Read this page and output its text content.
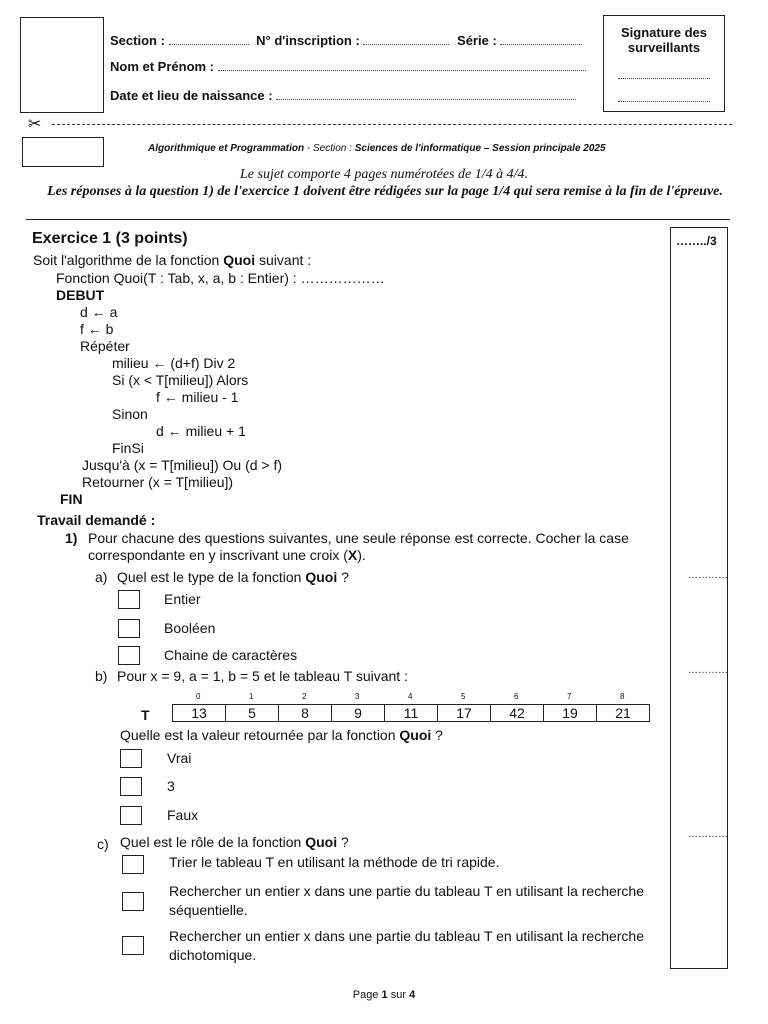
Section :	N° d'inscription :	Série :
Nom et Prénom :
Date et lieu de naissance :
Signature des surveillants
✂
Algorithmique et Programmation - Section : Sciences de l'informatique – Session principale 2025
Le sujet comporte 4 pages numérotées de 1/4 à 4/4.
Les réponses à la question 1) de l'exercice 1 doivent être rédigées sur la page 1/4 qui sera remise à la fin de l'épreuve.
……../3
…………
…………
…………
Exercice 1 (3 points)
Soit l'algorithme de la fonction Quoi suivant :
Fonction Quoi(T : Tab, x, a, b : Entier) : ………………
DEBUT
d ← a
f ← b
Répéter
milieu ← (d+f) Div 2
Si (x < T[milieu]) Alors
f ← milieu - 1
Sinon
d ← milieu + 1
FinSi
Jusqu'à (x = T[milieu]) Ou (d > f)
Retourner (x = T[milieu])
FIN
Travail demandé :
1) Pour chacune des questions suivantes, une seule réponse est correcte. Cocher la case correspondante en y inscrivant une croix (X).
a) Quel est le type de la fonction Quoi ?
Entier
Booléen
Chaine de caractères
b) Pour x = 9, a = 1, b = 5 et le tableau T suivant :
T
0	1	2	3	4	5	6	7	8
13	5	8	9	11	17	42	19	21
Quelle est la valeur retournée par la fonction Quoi ?
Vrai
3
Faux
c) Quel est le rôle de la fonction Quoi ?
Trier le tableau T en utilisant la méthode de tri rapide.
Rechercher un entier x dans une partie du tableau T en utilisant la recherche séquentielle.
Rechercher un entier x dans une partie du tableau T en utilisant la recherche dichotomique.
Page 1 sur 4
